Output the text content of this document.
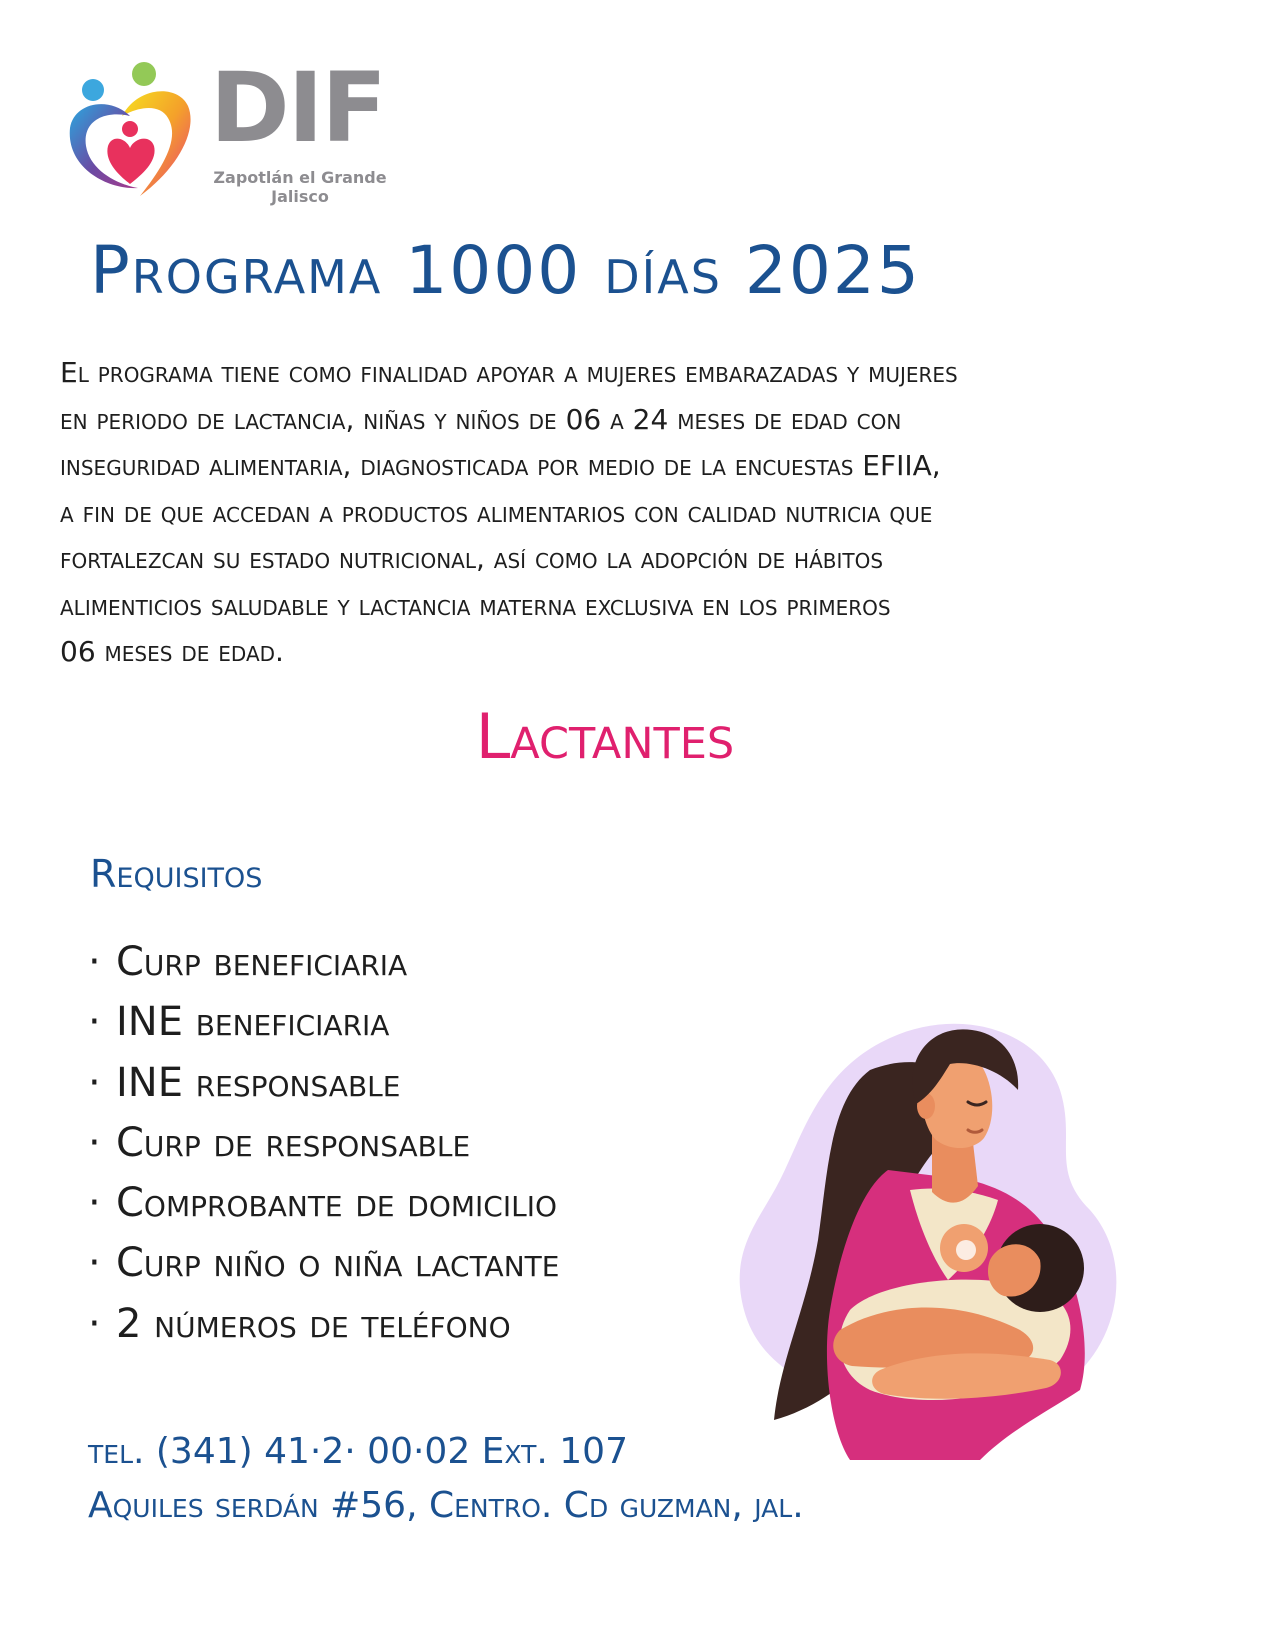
DIF
Zapotlán el Grande
Jalisco
Programa 1000 días 2025

El programa tiene como finalidad apoyar a mujeres embarazadas y mujeres
en periodo de lactancia, niñas y niños de 06 a 24 meses de edad con
inseguridad alimentaria, diagnosticada por medio de la encuestas EFIIA,
a fin de que accedan a productos alimentarios con calidad nutricia que
fortalezcan su estado nutricional, así como la adopción de hábitos
alimenticios saludable y lactancia materna exclusiva en los primeros
06 meses de edad.

Lactantes
Requisitos
· Curp beneficiaria
· INE beneficiaria
· INE responsable
· Curp de responsable
· Comprobante de domicilio
· Curp niño o niña lactante
· 2 números de teléfono
tel. (341) 41·2· 00·02 Ext. 107
Aquiles serdán #56, Centro. Cd guzman, jal.
